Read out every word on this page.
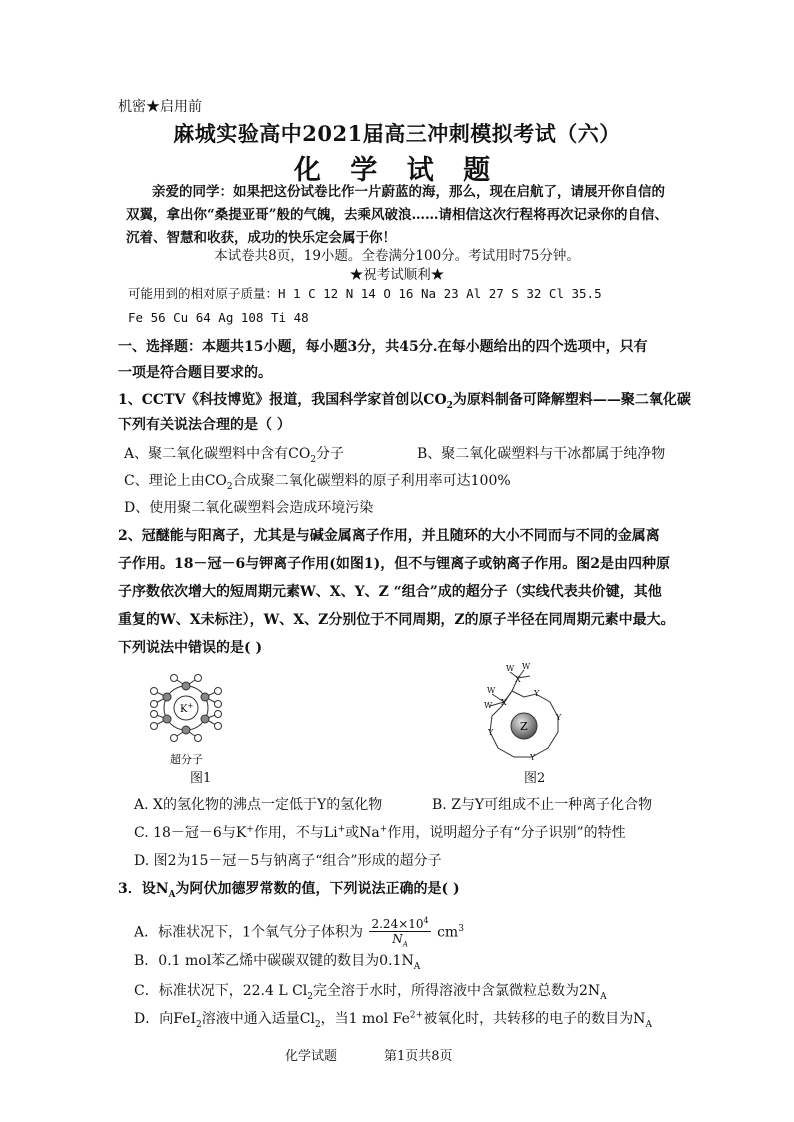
机密★启用前
麻城实验高中2021届高三冲刺模拟考试（六）
化 学 试 题
亲爱的同学：如果把这份试卷比作一片蔚蓝的海，那么，现在启航了，请展开你自信的双翼，拿出你“桑提亚哥”般的气魄，去乘风破浪……请相信这次行程将再次记录你的自信、沉着、智慧和收获，成功的快乐定会属于你！
本试卷共8页，19小题。全卷满分100分。考试用时75分钟。
★祝考试顺利★
可能用到的相对原子质量：H 1 C 12 N 14 O 16 Na 23 Al 27 S 32 Cl 35.5
Fe 56 Cu 64 Ag 108 Ti 48
一、选择题：本题共15小题，每小题3分，共45分.在每小题给出的四个选项中，只有
一项是符合题目要求的。
1、CCTV《科技博览》报道，我国科学家首创以$CO_2$为原料制备可降解塑料——聚二氧化碳
下列有关说法合理的是（ ）
A、聚二氧化碳塑料中含有$CO_2$分子	B、聚二氧化碳塑料与干冰都属于纯净物
C、理论上由$CO_2$合成聚二氧化碳塑料的原子利用率可达100%
D、使用聚二氧化碳塑料会造成环境污染
2、冠醚能与阳离子，尤其是与碱金属离子作用，并且随环的大小不同而与不同的金属离
子作用。18－冠－6与钾离子作用(如图1)，但不与锂离子或钠离子作用。图2是由四种原
子序数依次增大的短周期元素W、X、Y、Z “组合”成的超分子（实线代表共价键，其他
重复的W、X未标注），W、X、Z分别位于不同周期，Z的原子半径在同周期元素中最大。
下列说法中错误的是( )
K+
超分子
图1
W W
X
W
W X
Y
Y
Y
Y Z
图2
A. X的氢化物的沸点一定低于Y的氢化物	B. Z与Y可组成不止一种离子化合物
C. 18－冠－6与K+作用，不与Li+或Na+作用，说明超分子有“分子识别”的特性
D. 图2为15－冠－5与钠离子“组合”形成的超分子
3．设$N_A$为阿伏加德罗常数的值，下列说法正确的是( )
A．标准状况下，1个氧气分子体积为 $\frac{2.24\times 10^4}{N_A} cm^3$
B．0.1 mol苯乙烯中碳碳双键的数目为$0.1N_A$
C．标准状况下，22.4 L $Cl_2$完全溶于水时，所得溶液中含氯微粒总数为$2N_A$
D．向FeI$_2$溶液中通入适量$Cl_2$，当1 mol $Fe^{2+}$被氧化时，共转移的电子的数目为$N_A$
化学试题	第1页共8页
